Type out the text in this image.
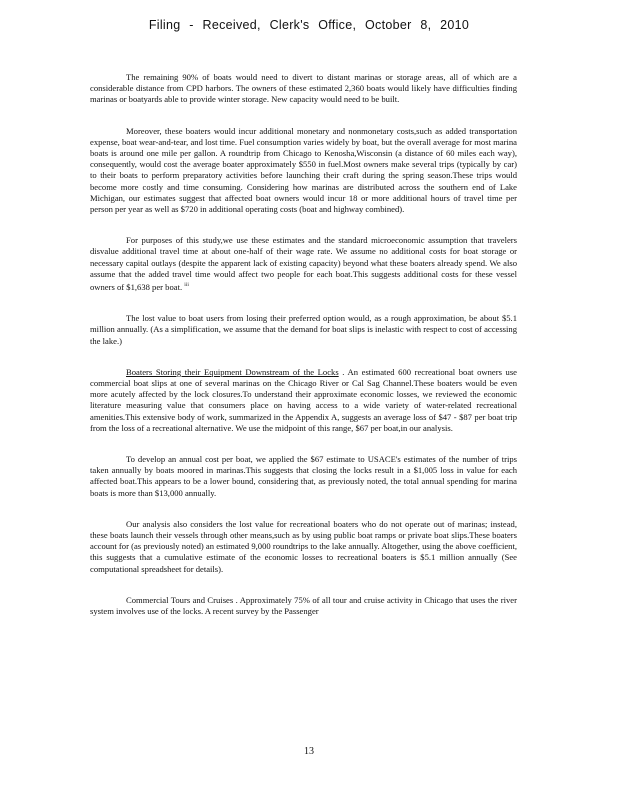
Filing - Received, Clerk's Office, October 8, 2010

The remaining 90% of boats would need to divert to distant marinas or storage areas, all of which are a considerable distance from CPD harbors. The owners of these estimated 2,360 boats would likely have difficulties finding marinas or boatyards able to provide winter storage. New capacity would need to be built.

Moreover, these boaters would incur additional monetary and nonmonetary costs,such as added transportation expense, boat wear-and-tear, and lost time. Fuel consumption varies widely by boat, but the overall average for most marina boats is around one mile per gallon. A roundtrip from Chicago to Kenosha,Wisconsin (a distance of 60 miles each way), consequently, would cost the average boater approximately $550 in fuel.Most owners make several trips (typically by car) to their boats to perform preparatory activities before launching their craft during the spring season.These trips would become more costly and time consuming. Considering how marinas are distributed across the southern end of Lake Michigan, our estimates suggest that affected boat owners would incur 18 or more additional hours of travel time per person per year as well as $720 in additional operating costs (boat and highway combined).

For purposes of this study,we use these estimates and the standard microeconomic assumption that travelers disvalue additional travel time at about one-half of their wage rate. We assume no additional costs for boat storage or necessary capital outlays (despite the apparent lack of existing capacity) beyond what these boaters already spend. We also assume that the added travel time would affect two people for each boat.This suggests additional costs for these vessel owners of $1,638 per boat. $^{iii}$

The lost value to boat users from losing their preferred option would, as a rough approximation, be about $5.1 million annually. (As a simplification, we assume that the demand for boat slips is inelastic with respect to cost of accessing the lake.)

Boaters Storing their Equipment Downstream of the Locks . An estimated 600 recreational boat owners use commercial boat slips at one of several marinas on the Chicago River or Cal Sag Channel.These boaters would be even more acutely affected by the lock closures.To understand their approximate economic losses, we reviewed the economic literature measuring value that consumers place on having access to a wide variety of water-related recreational amenities.This extensive body of work, summarized in the Appendix A, suggests an average loss of $47 - $87 per boat trip from the loss of a recreational alternative. We use the midpoint of this range, $67 per boat,in our analysis.

To develop an annual cost per boat, we applied the $67 estimate to USACE's estimates of the number of trips taken annually by boats moored in marinas.This suggests that closing the locks result in a $1,005 loss in value for each affected boat.This appears to be a lower bound, considering that, as previously noted, the total annual spending for marina boats is more than $13,000 annually.

Our analysis also considers the lost value for recreational boaters who do not operate out of marinas; instead, these boats launch their vessels through other means,such as by using public boat ramps or private boat slips.These boaters account for (as previously noted) an estimated 9,000 roundtrips to the lake annually. Altogether, using the above coefficient, this suggests that a cumulative estimate of the economic losses to recreational boaters is $5.1 million annually (See computational spreadsheet for details).

Commercial Tours and Cruises . Approximately 75% of all tour and cruise activity in Chicago that uses the river system involves use of the locks. A recent survey by the Passenger

13
